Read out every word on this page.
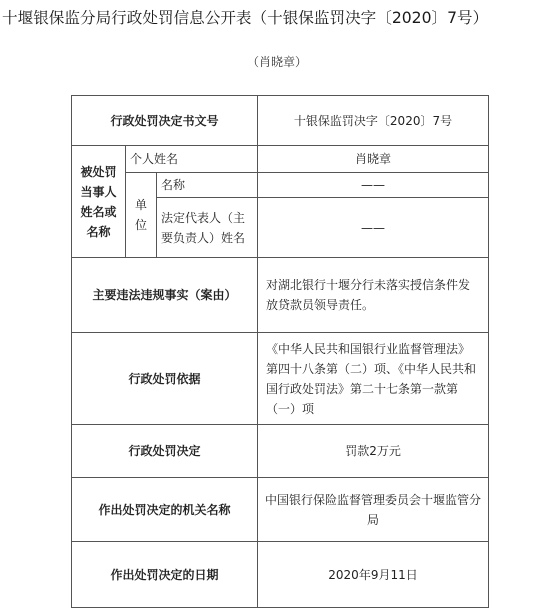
十堰银保监分局行政处罚信息公开表（十银保监罚决字〔2020〕7号）
（肖晓章）
行政处罚决定书文号			十银保监罚决字〔2020〕7号
被处罚当事人姓名或名称	个人姓名		肖晓章
	单位	名称	——
		法定代表人（主要负责人）姓名	——
主要违法违规事实（案由）			对湖北银行十堰分行未落实授信条件发放贷款员领导责任。
行政处罚依据			《中华人民共和国银行业监督管理法》第四十八条第（二）项、《中华人民共和国行政处罚法》第二十七条第一款第（一）项
行政处罚决定			罚款2万元
作出处罚决定的机关名称			中国银行保险监督管理委员会十堰监管分局
作出处罚决定的日期			2020年9月11日
